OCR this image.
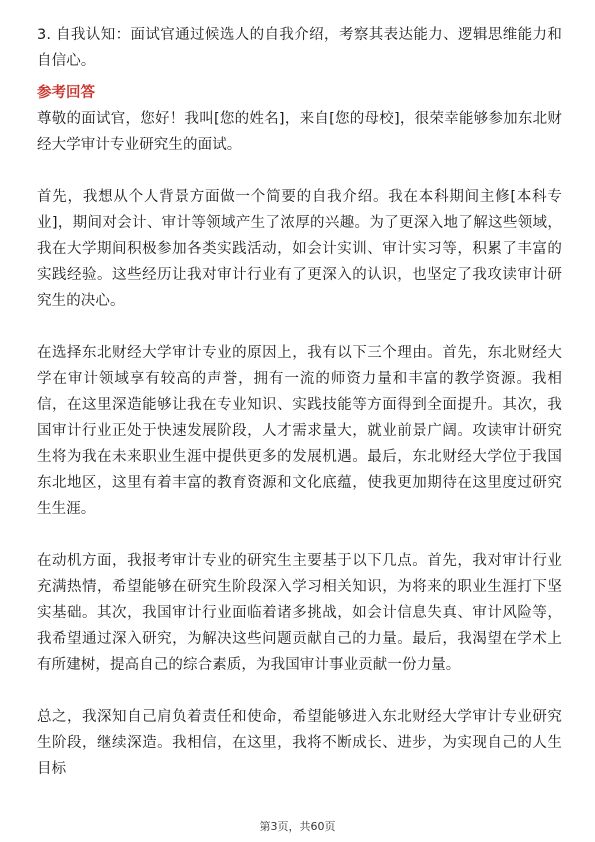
3. 自我认知：面试官通过候选人的自我介绍，考察其表达能力、逻辑思维能力和自信心。

参考回答

尊敬的面试官，您好！我叫[您的姓名]，来自[您的母校]，很荣幸能够参加东北财经大学审计专业研究生的面试。

首先，我想从个人背景方面做一个简要的自我介绍。我在本科期间主修[本科专业]，期间对会计、审计等领域产生了浓厚的兴趣。为了更深入地了解这些领域，我在大学期间积极参加各类实践活动，如会计实训、审计实习等，积累了丰富的实践经验。这些经历让我对审计行业有了更深入的认识，也坚定了我攻读审计研究生的决心。

在选择东北财经大学审计专业的原因上，我有以下三个理由。首先，东北财经大学在审计领域享有较高的声誉，拥有一流的师资力量和丰富的教学资源。我相信，在这里深造能够让我在专业知识、实践技能等方面得到全面提升。其次，我国审计行业正处于快速发展阶段，人才需求量大，就业前景广阔。攻读审计研究生将为我在未来职业生涯中提供更多的发展机遇。最后，东北财经大学位于我国东北地区，这里有着丰富的教育资源和文化底蕴，使我更加期待在这里度过研究生生涯。

在动机方面，我报考审计专业的研究生主要基于以下几点。首先，我对审计行业充满热情，希望能够在研究生阶段深入学习相关知识，为将来的职业生涯打下坚实基础。其次，我国审计行业面临着诸多挑战，如会计信息失真、审计风险等，我希望通过深入研究，为解决这些问题贡献自己的力量。最后，我渴望在学术上有所建树，提高自己的综合素质，为我国审计事业贡献一份力量。

总之，我深知自己肩负着责任和使命，希望能够进入东北财经大学审计专业研究生阶段，继续深造。我相信，在这里，我将不断成长、进步，为实现自己的人生目标

第3页，共60页
